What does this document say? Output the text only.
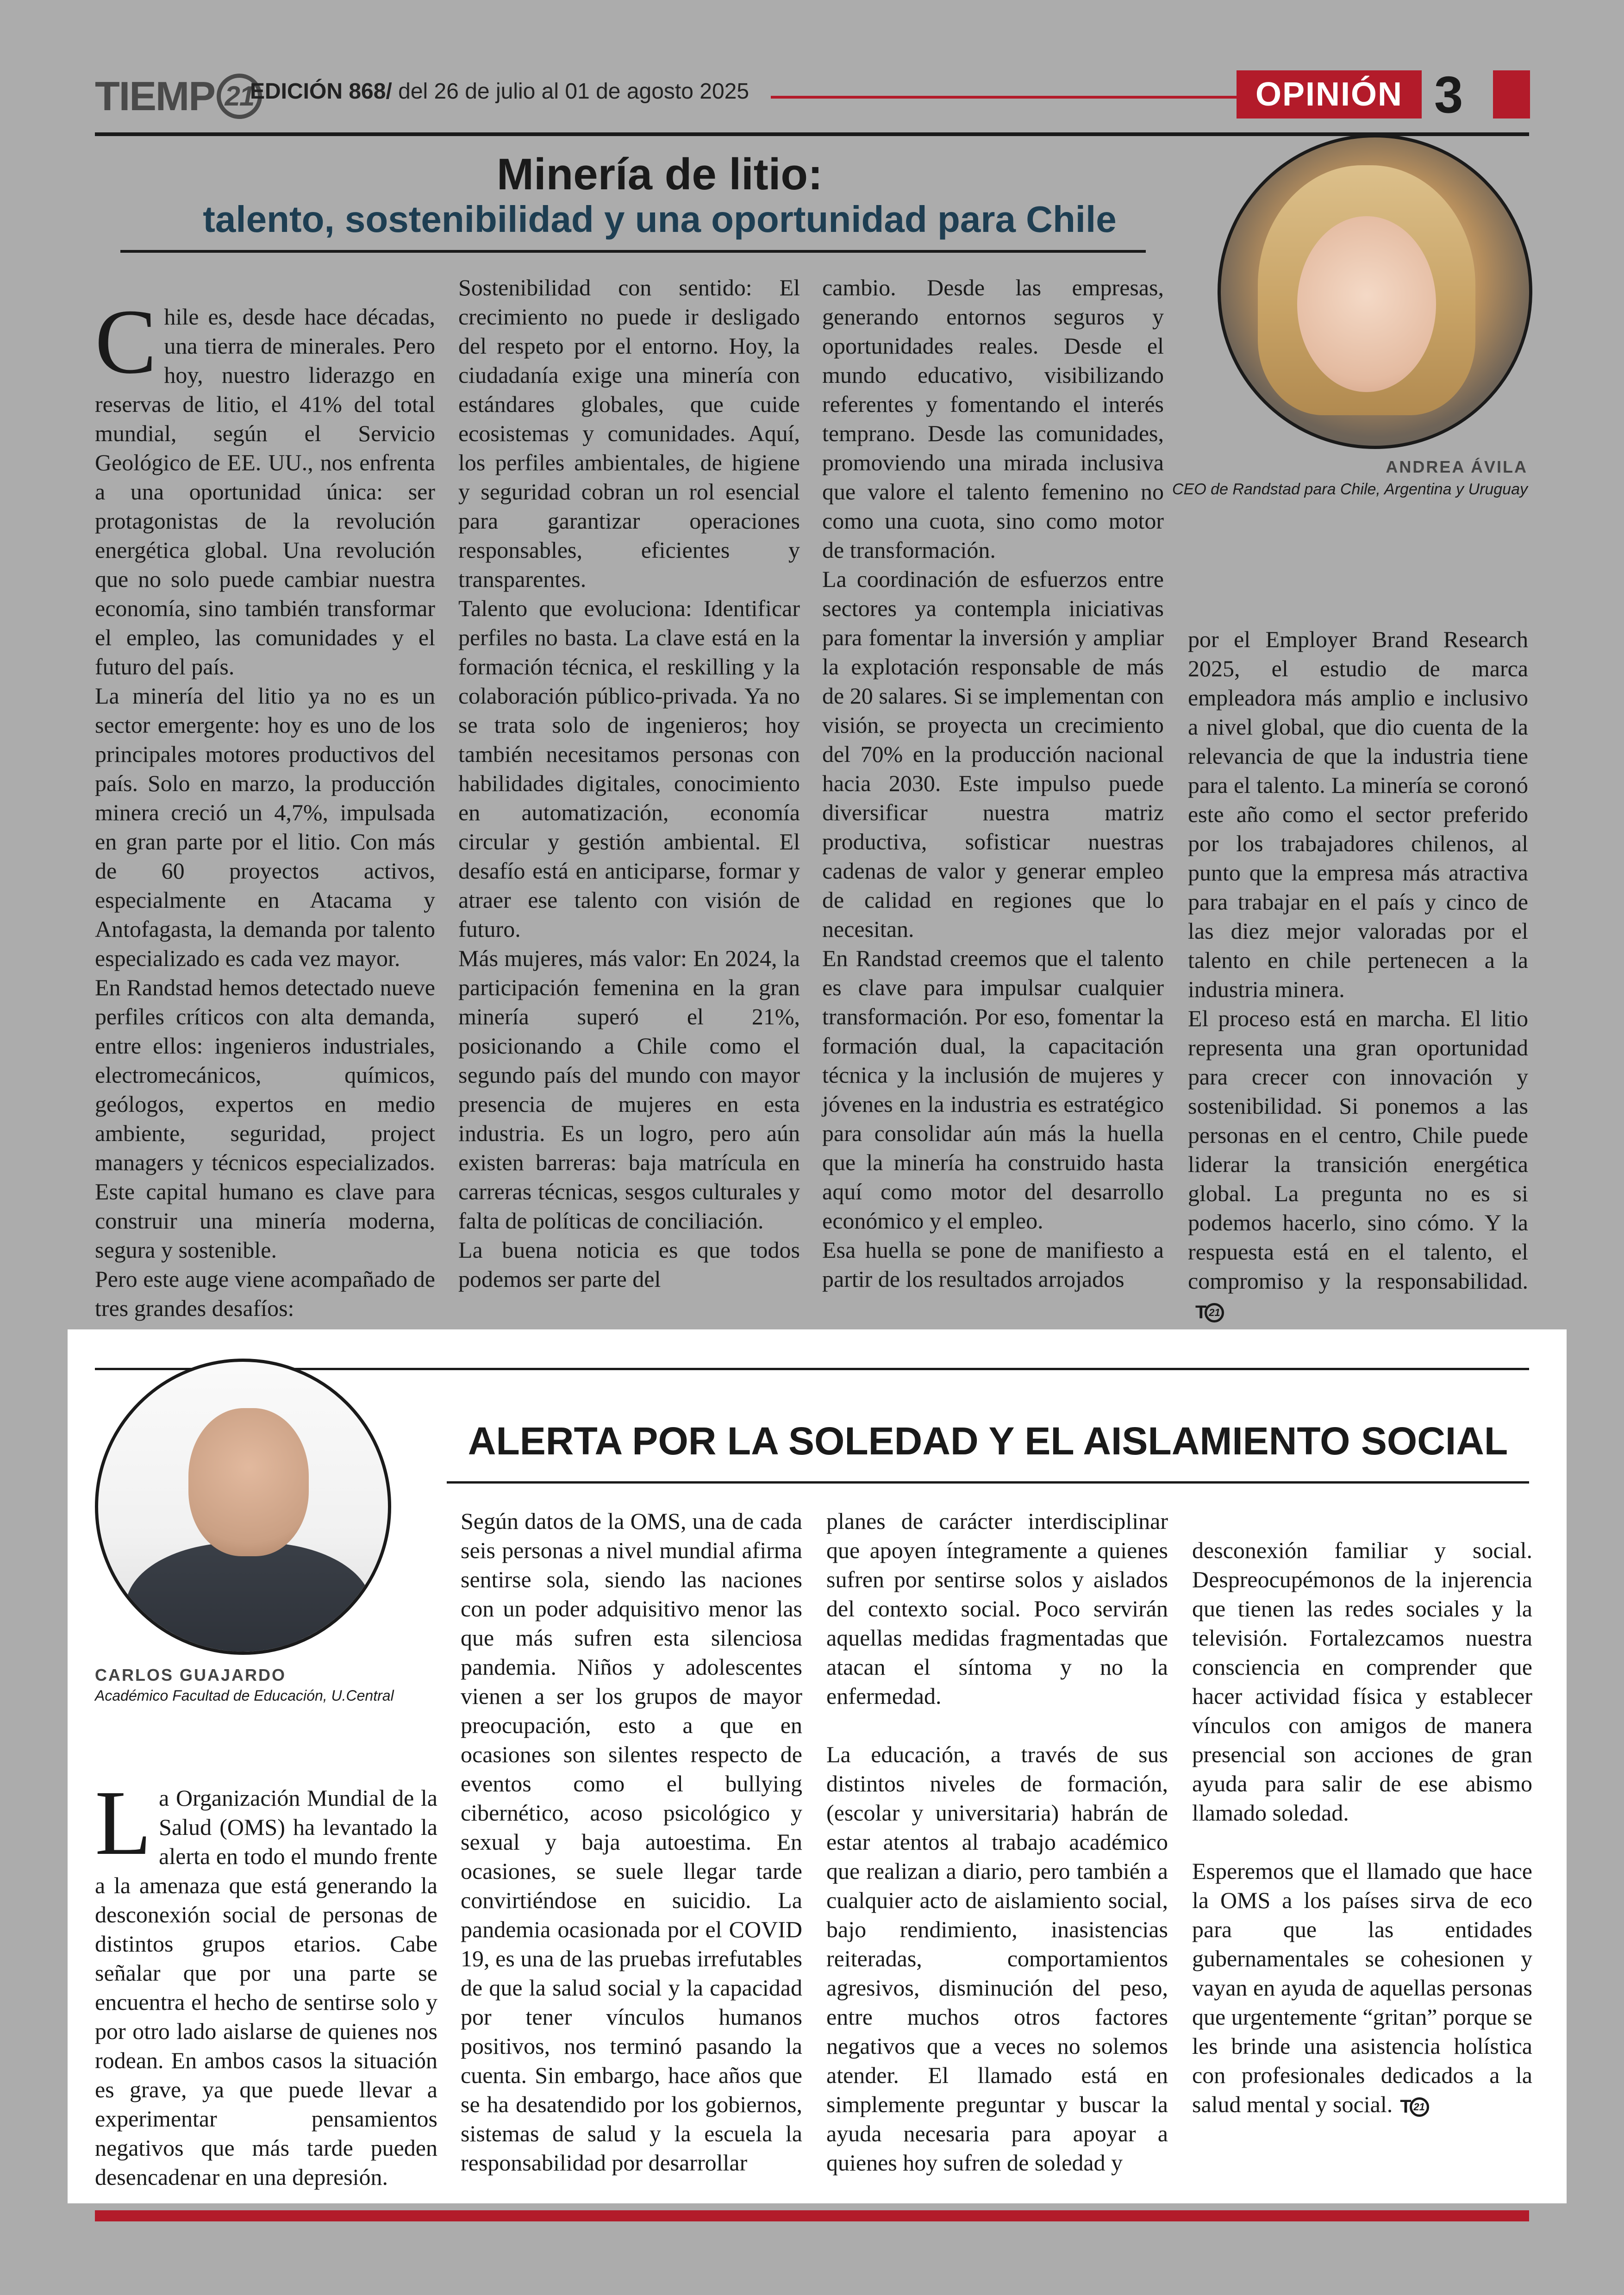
TIEMP 21
EDICIÓN 868/ del 26 de julio al 01 de agosto 2025	OPINIÓN 3
Minería de litio:
talento, sostenibilidad y una oportunidad para Chile
ANDREA ÁVILA
CEO de Randstad para Chile, Argentina y Uruguay

Chile es, desde hace décadas, una tierra de minerales. Pero hoy, nuestro liderazgo en reservas de litio, el 41% del total mundial, según el Servicio Geológico de EE. UU., nos enfrenta a una oportunidad única: ser protagonistas de la revolución energética global. Una revolución que no solo puede cambiar nuestra economía, sino también transformar el empleo, las comunidades y el futuro del país.
La minería del litio ya no es un sector emergente: hoy es uno de los principales motores productivos del país. Solo en marzo, la producción minera creció un 4,7%, impulsada en gran parte por el litio. Con más de 60 proyectos activos, especialmente en Atacama y Antofagasta, la demanda por talento especializado es cada vez mayor.
En Randstad hemos detectado nueve perfiles críticos con alta demanda, entre ellos: ingenieros industriales, electromecánicos, químicos, geólogos, expertos en medio ambiente, seguridad, project managers y técnicos especializados. Este capital humano es clave para construir una minería moderna, segura y sostenible.
Pero este auge viene acompañado de tres grandes desafíos:

Sostenibilidad con sentido: El crecimiento no puede ir desligado del respeto por el entorno. Hoy, la ciudadanía exige una minería con estándares globales, que cuide ecosistemas y comunidades. Aquí, los perfiles ambientales, de higiene y seguridad cobran un rol esencial para garantizar operaciones responsables, eficientes y transparentes.
Talento que evoluciona: Identificar perfiles no basta. La clave está en la formación técnica, el reskilling y la colaboración público-privada. Ya no se trata solo de ingenieros; hoy también necesitamos personas con habilidades digitales, conocimiento en automatización, economía circular y gestión ambiental. El desafío está en anticiparse, formar y atraer ese talento con visión de futuro.
Más mujeres, más valor: En 2024, la participación femenina en la gran minería superó el 21%, posicionando a Chile como el segundo país del mundo con mayor presencia de mujeres en esta industria. Es un logro, pero aún existen barreras: baja matrícula en carreras técnicas, sesgos culturales y falta de políticas de conciliación.
La buena noticia es que todos podemos ser parte del
cambio. Desde las empresas, generando entornos seguros y oportunidades reales. Desde el mundo educativo, visibilizando referentes y fomentando el interés temprano. Desde las comunidades, promoviendo una mirada inclusiva que valore el talento femenino no como una cuota, sino como motor de transformación.
La coordinación de esfuerzos entre sectores ya contempla iniciativas para fomentar la inversión y ampliar la explotación responsable de más de 20 salares. Si se implementan con visión, se proyecta un crecimiento del 70% en la producción nacional hacia 2030. Este impulso puede diversificar nuestra matriz productiva, sofisticar nuestras cadenas de valor y generar empleo de calidad en regiones que lo necesitan.
En Randstad creemos que el talento es clave para impulsar cualquier transformación. Por eso, fomentar la formación dual, la capacitación técnica y la inclusión de mujeres y jóvenes en la industria es estratégico para consolidar aún más la huella que la minería ha construido hasta aquí como motor del desarrollo económico y el empleo.
Esa huella se pone de manifiesto a partir de los resultados arrojados

por el Employer Brand Research 2025, el estudio de marca empleadora más amplio e inclusivo a nivel global, que dio cuenta de la relevancia de que la industria tiene para el talento. La minería se coronó este año como el sector preferido por los trabajadores chilenos, al punto que la empresa más atractiva para trabajar en el país y cinco de las diez mejor valoradas por el talento en chile pertenecen a la industria minera.
El proceso está en marcha. El litio representa una gran oportunidad para crecer con innovación y sostenibilidad. Si ponemos a las personas en el centro, Chile puede liderar la transición energética global. La pregunta no es si podemos hacerlo, sino cómo. Y la respuesta está en el talento, el compromiso y la responsabilidad.
T 21

CARLOS GUAJARDO
Académico Facultad de Educación, U.Central
ALERTA POR LA SOLEDAD Y EL AISLAMIENTO SOCIAL

La Organización Mundial de la Salud (OMS) ha levantado la alerta en todo el mundo frente a la amenaza que está generando la desconexión social de personas de distintos grupos etarios. Cabe señalar que por una parte se encuentra el hecho de sentirse solo y por otro lado aislarse de quienes nos rodean. En ambos casos la situación es grave, ya que puede llevar a experimentar pensamientos negativos que más tarde pueden desencadenar en una depresión.

Según datos de la OMS, una de cada seis personas a nivel mundial afirma sentirse sola, siendo las naciones con un poder adquisitivo menor las que más sufren esta silenciosa pandemia. Niños y adolescentes vienen a ser los grupos de mayor preocupación, esto a que en ocasiones son silentes respecto de eventos como el bullying cibernético, acoso psicológico y sexual y baja autoestima. En ocasiones, se suele llegar tarde convirtiéndose en suicidio. La pandemia ocasionada por el COVID 19, es una de las pruebas irrefutables de que la salud social y la capacidad por tener vínculos humanos positivos, nos terminó pasando la cuenta. Sin embargo, hace años que se ha desatendido por los gobiernos, sistemas de salud y la escuela la responsabilidad por desarrollar
planes de carácter interdisciplinar que apoyen íntegramente a quienes sufren por sentirse solos y aislados del contexto social. Poco servirán aquellas medidas fragmentadas que atacan el síntoma y no la enfermedad.

La educación, a través de sus distintos niveles de formación, (escolar y universitaria) habrán de estar atentos al trabajo académico que realizan a diario, pero también a cualquier acto de aislamiento social, bajo rendimiento, inasistencias reiteradas, comportamientos agresivos, disminución del peso, entre muchos otros factores negativos que a veces no solemos atender. El llamado está en simplemente preguntar y buscar la ayuda necesaria para apoyar a quienes hoy sufren de soledad y

desconexión familiar y social. Despreocupémonos de la injerencia que tienen las redes sociales y la televisión. Fortalezcamos nuestra consciencia en comprender que hacer actividad física y establecer vínculos con amigos de manera presencial son acciones de gran ayuda para salir de ese abismo llamado soledad.

Esperemos que el llamado que hace la OMS a los países sirva de eco para que las entidades gubernamentales se cohesionen y vayan en ayuda de aquellas personas que urgentemente “gritan” porque se les brinde una asistencia holística con profesionales dedicados a la salud mental y social. T 21
